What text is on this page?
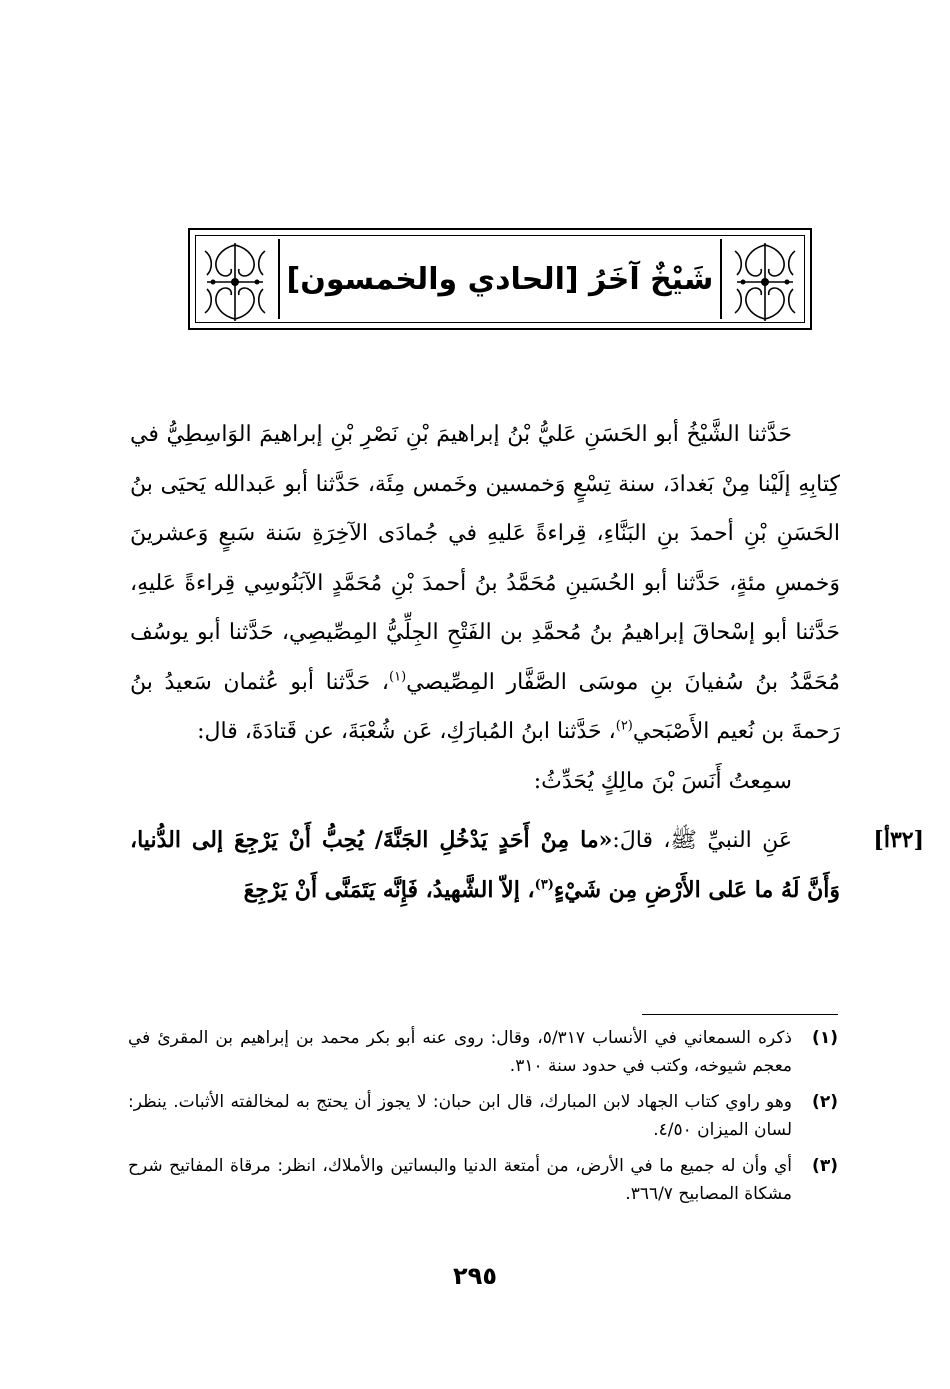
شَيْخٌ آخَرُ [الحادي والخمسون]

حَدَّثنا الشَّيْخُ أبو الحَسَنِ عَليُّ بْنُ إبراهيمَ بْنِ نَصْرِ بْنِ إبراهيمَ الوَاسِطِيُّ في كِتابِهِ إلَيْنا مِنْ بَغدادَ، سنة تِسْعٍ وَخمسين وخَمس مِئَة، حَدَّثنا أبو عَبدالله يَحيَى بنُ الحَسَنِ بْنِ أحمدَ بنِ البَنَّاءِ، قِراءةً عَليهِ في جُمادَى الآخِرَةِ سَنة سَبعٍ وَعشرينَ وَخمسِ مئةٍ، حَدَّثنا أبو الحُسَينِ مُحَمَّدُ بنُ أحمدَ بْنِ مُحَمَّدٍ الآبَنُوسِي قِراءةً عَليهِ، حَدَّثنا أبو إسْحاقَ إبراهيمُ بنُ مُحمَّدِ بن الفَتْحِ الجِلِّيُّ المِصِّيصِي، حَدَّثنا أبو يوسُف مُحَمَّدُ بنُ سُفيانَ بنِ موسَى الصَّفَّار المِصِّيصي$^{(١)}$، حَدَّثنا أبو عُثمان سَعيدُ بنُ رَحمةَ بن نُعيم الأَصْبَحي$^{(٢)}$، حَدَّثنا ابنُ المُبارَكِ، عَن شُعْبَةَ، عن قَتادَةَ، قال:

سمِعتُ أَنَسَ بْنَ مالِكٍ يُحَدِّثُ:

[٣٢أ]

عَنِ النبيِّ ﷺ، قالَ:«ما مِنْ أَحَدٍ يَدْخُلِ الجَنَّةَ/ يُحِبُّ أَنْ يَرْجِعَ إلى الدُّنيا، وَأَنَّ لَهُ ما عَلى الأَرْضِ مِن شَيْءٍ$^{(٣)}$، إلاّ الشَّهيدُ، فَإِنَّه يَتَمَنَّى أَنْ يَرْجِعَ

(١)
ذكره السمعاني في الأنساب ٥/٣١٧، وقال: روى عنه أبو بكر محمد بن إبراهيم بن المقرئ في معجم شيوخه، وكتب في حدود سنة ٣١٠.
(٢)
وهو راوي كتاب الجهاد لابن المبارك، قال ابن حبان: لا يجوز أن يحتج به لمخالفته الأثبات. ينظر: لسان الميزان ٤/٥٠.
(٣)
أي وأن له جميع ما في الأرض، من أمتعة الدنيا والبساتين والأملاك، انظر: مرقاة المفاتيح شرح مشكاة المصابيح ٣٦٦/٧.
٢٩٥
